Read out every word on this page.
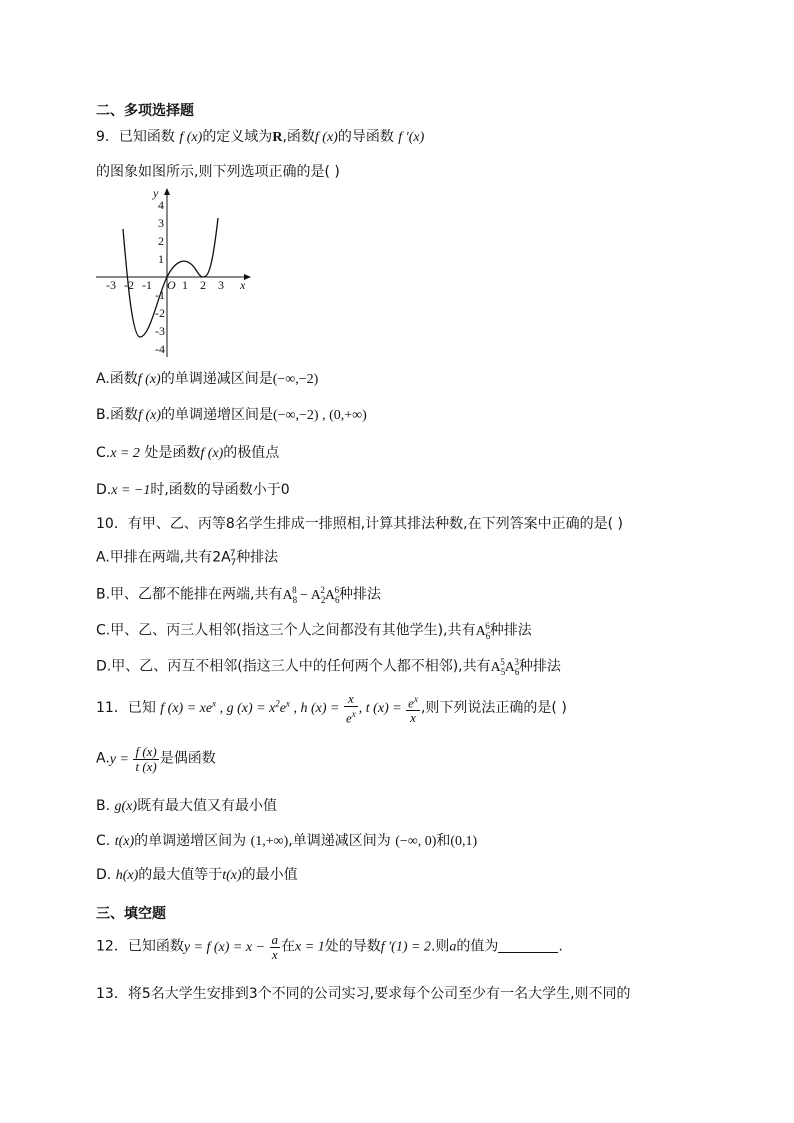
二、多项选择题
9．已知函数 f (x)的定义域为R,函数f (x)的导函数 f ′(x)
的图象如图所示,则下列选项正确的是( )
y
x
O
-3 -2 -1	1 2 3
4
3
2
1
-1
-2
-3
-4
A.函数f (x)的单调递减区间是(−∞,−2)
B.函数f (x)的单调递增区间是(−∞,−2) , (0,+∞)
C.x = 2 处是函数f (x)的极值点
D.x = −1时,函数的导函数小于0
10．有甲、乙、丙等8名学生排成一排照相,计算其排法种数,在下列答案中正确的是( )
A.甲排在两端,共有$2A^7_7$种排法
B.甲、乙都不能排在两端,共有$A_8^8 - A_2^2A_6^6$种排法
C.甲、乙、丙三人相邻(指这三个人之间都没有其他学生),共有$A_6^6$种排法
D.甲、乙、丙互不相邻(指这三人中的任何两个人都不相邻),共有$A_5^5A_6^3$种排法
11．已知 f $(x) = xe^x$ , g $(x) = x^2e^x$ , h $(x) = \frac{x}{e^x}$ , t $(x) = \frac{e^x}{x}$ ,则下列说法正确的是( )
$A.y = \frac{f (x)}{t (x)}$ 是偶函数
B. g(x)既有最大值又有最小值
C. t(x)的单调递增区间为 (1,+∞),单调递减区间为 (−∞, 0)和(0,1)
D. h(x)的最大值等于t(x)的最小值
三、填空题
12．已知函数y = f $(x) = x - \frac{a}{x}$ 在x = 1处的导数f ′(1) = 2.则a的值为	.
13．将5名大学生安排到3个不同的公司实习,要求每个公司至少有一名大学生,则不同的
